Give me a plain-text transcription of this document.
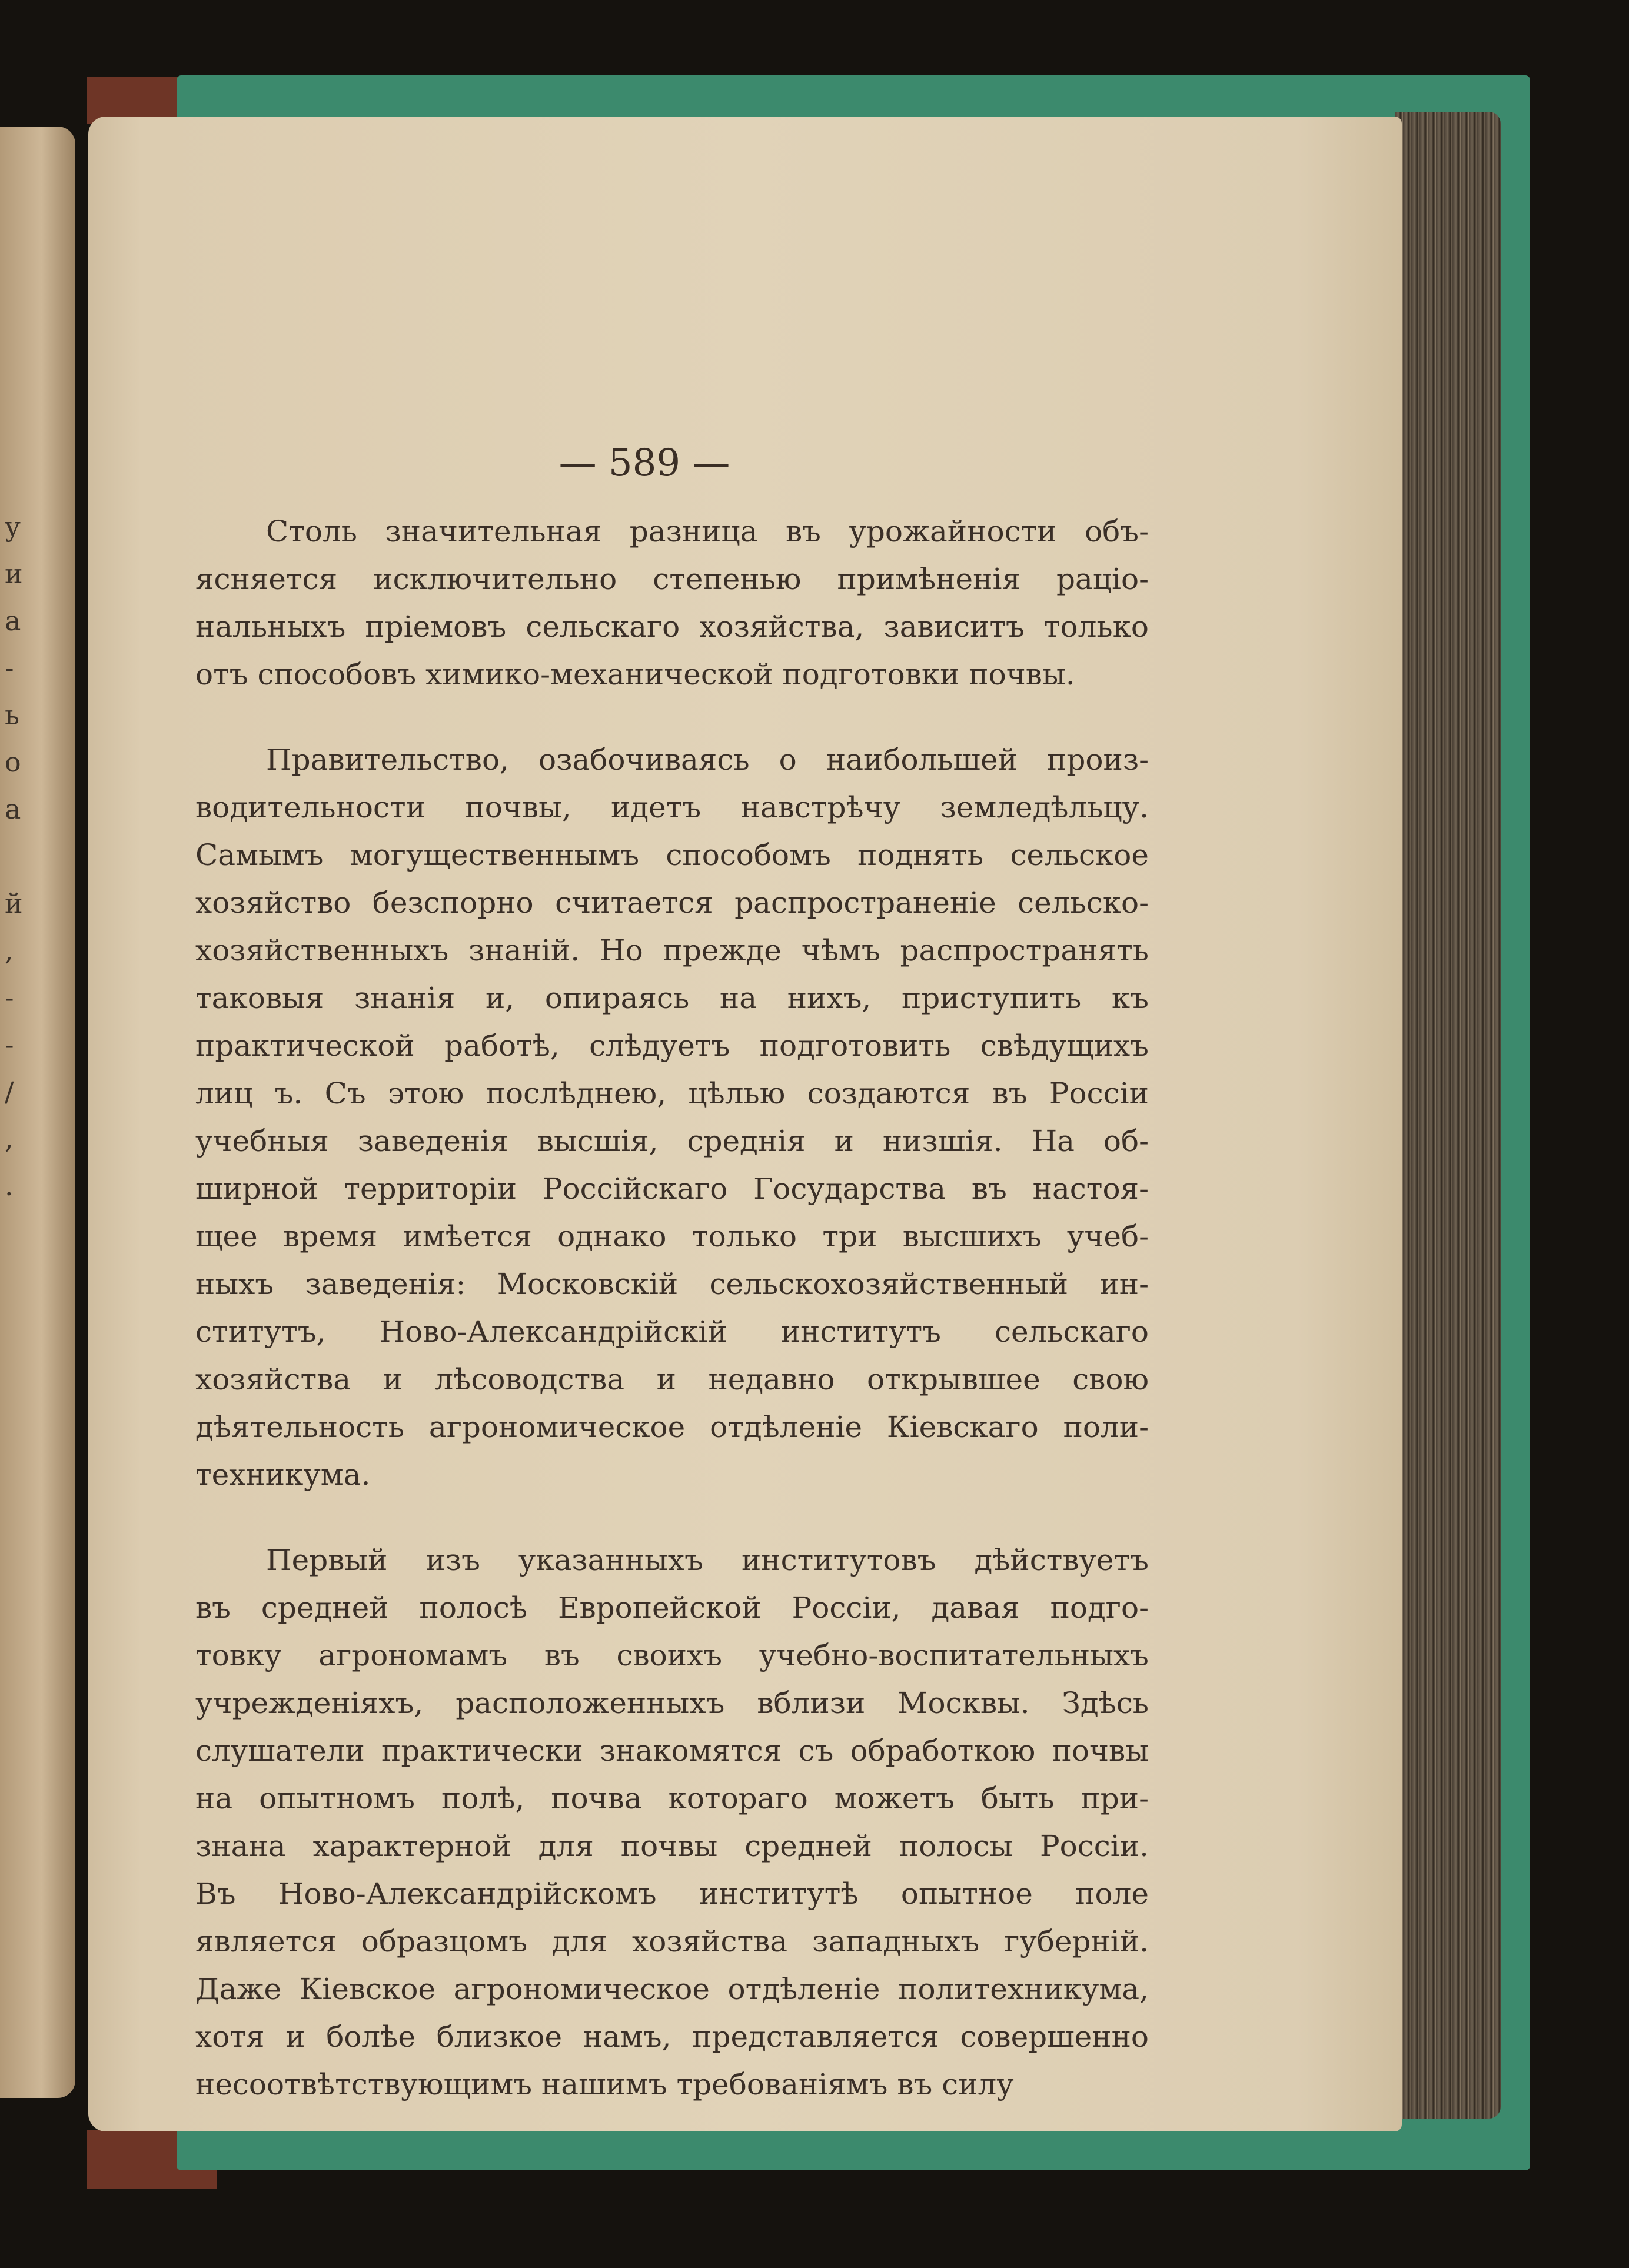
у
и
а
-
ь
о
а
й
,
-
-
/
,
.

— 589 —

Столь значительная разница въ урожайности объ-
ясняется исключительно степенью примѣненія раціо-
нальныхъ пріемовъ сельскаго хозяйства, зависитъ только
отъ способовъ химико-механической подготовки почвы.
Правительство, озабочиваясь о наибольшей произ-
водительности почвы, идетъ навстрѣчу земледѣльцу.
Самымъ могущественнымъ способомъ поднять сельское
хозяйство безспорно считается распространеніе сельско-
хозяйственныхъ знаній. Но прежде чѣмъ распространять
таковыя знанія и, опираясь на нихъ, приступить къ
практической работѣ, слѣдуетъ подготовить свѣдущихъ
лиц ъ. Съ этою послѣднею, цѣлью создаются въ Россіи
учебныя заведенія высшія, среднія и низшія. На об-
ширной территоріи Россійскаго Государства въ настоя-
щее время имѣется однако только три высшихъ учеб-
ныхъ заведенія: Московскій сельскохозяйственный ин-
ститутъ, Ново-Александрійскій институтъ сельскаго
хозяйства и лѣсоводства и недавно открывшее свою
дѣятельность агрономическое отдѣленіе Кіевскаго поли-
техникума.
Первый изъ указанныхъ институтовъ дѣйствуетъ
въ средней полосѣ Европейской Россіи, давая подго-
товку агрономамъ въ своихъ учебно-воспитательныхъ
учрежденіяхъ, расположенныхъ вблизи Москвы. Здѣсь
слушатели практически знакомятся съ обработкою почвы
на опытномъ полѣ, почва котораго можетъ быть при-
знана характерной для почвы средней полосы Россіи.
Въ Ново-Александрійскомъ институтѣ опытное поле
является образцомъ для хозяйства западныхъ губерній.
Даже Кіевское агрономическое отдѣленіе политехникума,
хотя и болѣе близкое намъ, представляется совершенно
несоотвѣтствующимъ нашимъ требованіямъ въ силу
